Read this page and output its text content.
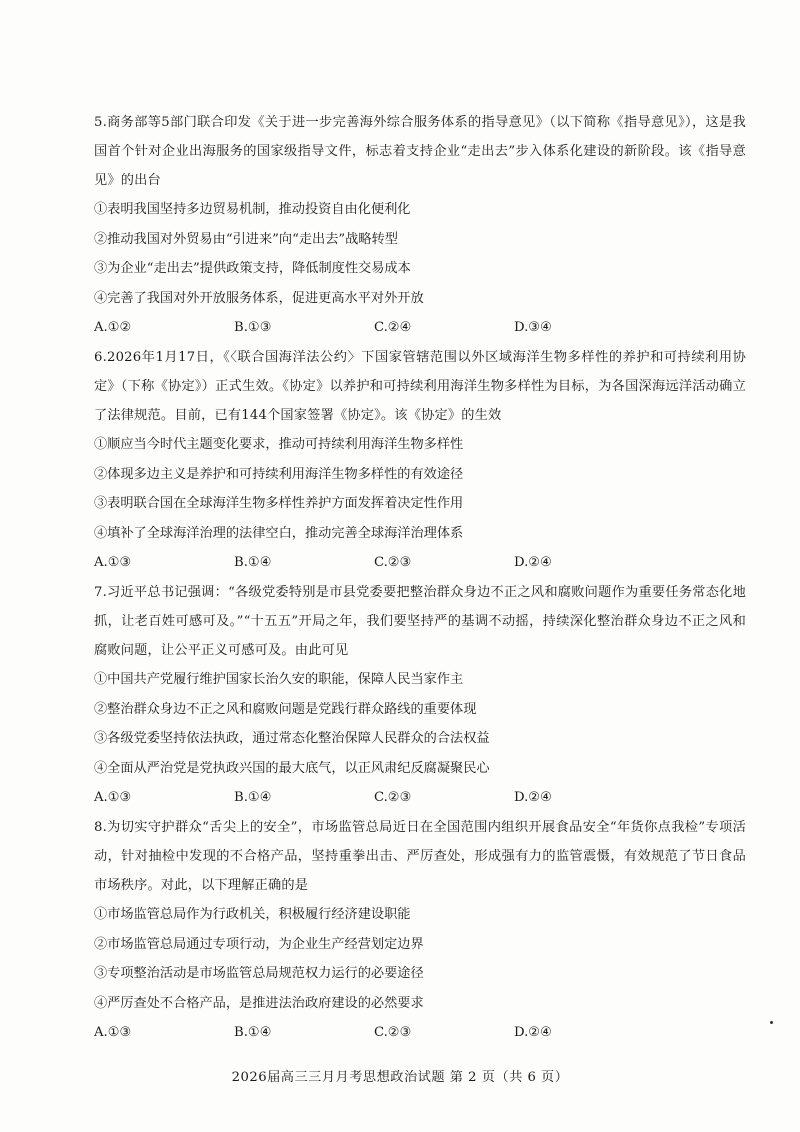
5.商务部等5部门联合印发《关于进一步完善海外综合服务体系的指导意见》（以下简称《指导意见》），这是我国首个针对企业出海服务的国家级指导文件，标志着支持企业“走出去”步入体系化建设的新阶段。该《指导意见》的出台

①表明我国坚持多边贸易机制，推动投资自由化便利化

②推动我国对外贸易由“引进来”向“走出去”战略转型

③为企业“走出去”提供政策支持，降低制度性交易成本

④完善了我国对外开放服务体系，促进更高水平对外开放

A.①②	B.①③	C.②④	D.③④

6.2026年1月17日，《〈联合国海洋法公约〉下国家管辖范围以外区域海洋生物多样性的养护和可持续利用协定》（下称《协定》）正式生效。《协定》以养护和可持续利用海洋生物多样性为目标，为各国深海远洋活动确立了法律规范。目前，已有144个国家签署《协定》。该《协定》的生效

①顺应当今时代主题变化要求，推动可持续利用海洋生物多样性

②体现多边主义是养护和可持续利用海洋生物多样性的有效途径

③表明联合国在全球海洋生物多样性养护方面发挥着决定性作用

④填补了全球海洋治理的法律空白，推动完善全球海洋治理体系

A.①③	B.①④	C.②③	D.②④

7.习近平总书记强调：“各级党委特别是市县党委要把整治群众身边不正之风和腐败问题作为重要任务常态化地抓，让老百姓可感可及。”“十五五”开局之年，我们要坚持严的基调不动摇，持续深化整治群众身边不正之风和腐败问题，让公平正义可感可及。由此可见

①中国共产党履行维护国家长治久安的职能，保障人民当家作主

②整治群众身边不正之风和腐败问题是党践行群众路线的重要体现

③各级党委坚持依法执政，通过常态化整治保障人民群众的合法权益

④全面从严治党是党执政兴国的最大底气，以正风肃纪反腐凝聚民心

A.①③	B.①④	C.②③	D.②④

8.为切实守护群众“舌尖上的安全”，市场监管总局近日在全国范围内组织开展食品安全“年货你点我检”专项活动，针对抽检中发现的不合格产品，坚持重拳出击、严厉查处，形成强有力的监管震慑，有效规范了节日食品市场秩序。对此，以下理解正确的是

①市场监管总局作为行政机关，积极履行经济建设职能

②市场监管总局通过专项行动，为企业生产经营划定边界

③专项整治活动是市场监管总局规范权力运行的必要途径

④严厉查处不合格产品，是推进法治政府建设的必然要求

A.①③	B.①④	C.②③	D.②④
2026届高三三月月考思想政治试题 第 2 页（共 6 页）
